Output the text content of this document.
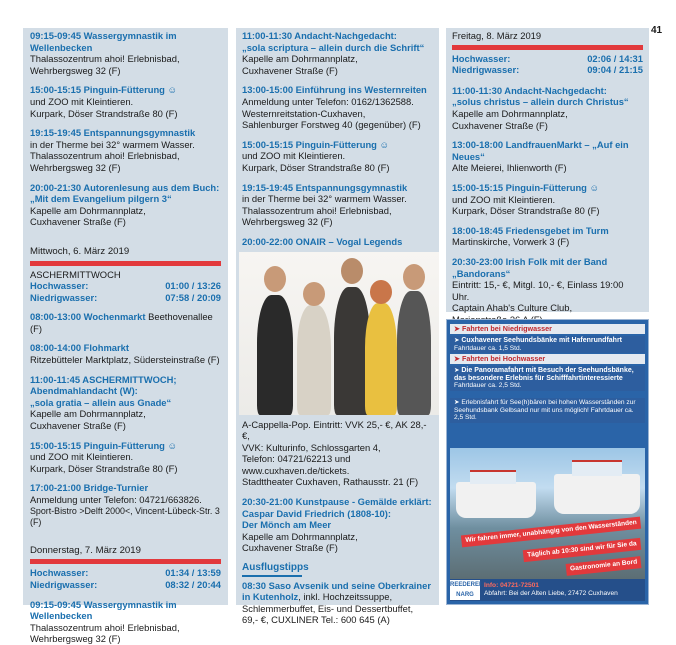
41
09:15-09:45 Wassergymnastik im Wellenbecken
Thalassozentrum ahoi! Erlebnisbad,
Wehrbergsweg 32 (F)
15:00-15:15 Pinguin-Fütterung ☺
und ZOO mit Kleintieren.
Kurpark, Döser Strandstraße 80 (F)
19:15-19:45 Entspannungsgymnastik
in der Therme bei 32° warmem Wasser.
Thalassozentrum ahoi! Erlebnisbad,
Wehrbergsweg 32 (F)
20:00-21:30 Autorenlesung aus dem Buch:
„Mit dem Evangelium pilgern 3“
Kapelle am Dohrmannplatz,
Cuxhavener Straße (F)
Mittwoch, 6. März 2019
ASCHERMITTWOCH
Hochwasser:	01:00 / 13:26
Niedrigwasser:	07:58 / 20:09
08:00-13:00 Wochenmarkt Beethovenallee (F)
08:00-14:00 Flohmarkt
Ritzebütteler Marktplatz, Südersteinstraße (F)
11:00-11:45 ASCHERMITTWOCH;
Abendmahlandacht (W):
„sola gratia – allein aus Gnade“
Kapelle am Dohrmannplatz,
Cuxhavener Straße (F)
15:00-15:15 Pinguin-Fütterung ☺
und ZOO mit Kleintieren.
Kurpark, Döser Strandstraße 80 (F)
17:00-21:00 Bridge-Turnier
Anmeldung unter Telefon: 04721/663826.
Sport-Bistro >Delft 2000<, Vincent-Lübeck-Str. 3 (F)
Donnerstag, 7. März 2019
Hochwasser:	01:34 / 13:59
Niedrigwasser:	08:32 / 20:44
09:15-09:45 Wassergymnastik im Wellenbecken
Thalassozentrum ahoi! Erlebnisbad,
Wehrbergsweg 32 (F)
11:00-11:30 Andacht-Nachgedacht:
„sola scriptura – allein durch die Schrift“
Kapelle am Dohrmannplatz,
Cuxhavener Straße (F)
13:00-15:00 Einführung ins Westernreiten
Anmeldung unter Telefon: 0162/1362588.
Westernreitstation-Cuxhaven,
Sahlenburger Forstweg 40 (gegenüber) (F)
15:00-15:15 Pinguin-Fütterung ☺
und ZOO mit Kleintieren.
Kurpark, Döser Strandstraße 80 (F)
19:15-19:45 Entspannungsgymnastik
in der Therme bei 32° warmem Wasser.
Thalassozentrum ahoi! Erlebnisbad,
Wehrbergsweg 32 (F)
20:00-22:00 ONAIR – Vogal Legends
A-Cappella-Pop. Eintritt: VVK 25,- €, AK 28,- €,
VVK: Kulturinfo, Schlossgarten 4,
Telefon: 04721/62213 und
www.cuxhaven.de/tickets.
Stadttheater Cuxhaven, Rathausstr. 21 (F)
20:30-21:00 Kunstpause - Gemälde erklärt:
Caspar David Friedrich (1808-10):
Der Mönch am Meer
Kapelle am Dohrmannplatz,
Cuxhavener Straße (F)
Ausflugstipps
08:30 Saso Avsenik und seine Oberkrainer
in Kutenholz, inkl. Hochzeitssuppe,
Schlemmerbuffet, Eis- und Dessertbuffet,
69,- €, CUXLINER Tel.: 600 645 (A)
Freitag, 8. März 2019
Hochwasser:	02:06 / 14:31
Niedrigwasser:	09:04 / 21:15
11:00-11:30 Andacht-Nachgedacht:
„solus christus – allein durch Christus“
Kapelle am Dohrmannplatz,
Cuxhavener Straße (F)
13:00-18:00 LandfrauenMarkt – „Auf ein Neues“
Alte Meierei, Ihlienworth (F)
15:00-15:15 Pinguin-Fütterung ☺
und ZOO mit Kleintieren.
Kurpark, Döser Strandstraße 80 (F)
18:00-18:45 Friedensgebet im Turm
Martinskirche, Vorwerk 3 (F)
20:30-23:00 Irish Folk mit der Band „Bandorans“
Eintritt: 15,- €, Mitgl. 10,- €, Einlass 19:00 Uhr.
Captain Ahab's Culture Club,
➤ Fahrten bei Niedrigwasser
➤ Cuxhavener Seehundsbänke mit Hafenrundfahrt
Fahrtdauer ca. 1,5 Std.
➤ Fahrten bei Hochwasser
➤ Die Panoramafahrt mit Besuch der Seehundsbänke, das besondere Erlebnis für Schifffahrtinteressierte
Fahrtdauer ca. 2,5 Std.
➤ Erlebnisfahrt für See(h)bären bei hohen Wasserständen zur Seehundsbank Gelbsand nur mit uns möglich! Fahrtdauer ca. 2,5 Std.
Wir fahren immer, unabhängig von den Wasserständen
Täglich ab 10:30 sind wir für Sie da
Gastronomie an Bord
REEDEREI
NARG
Info: 04721-72501
Abfahrt: Bei der Alten Liebe, 27472 Cuxhaven
